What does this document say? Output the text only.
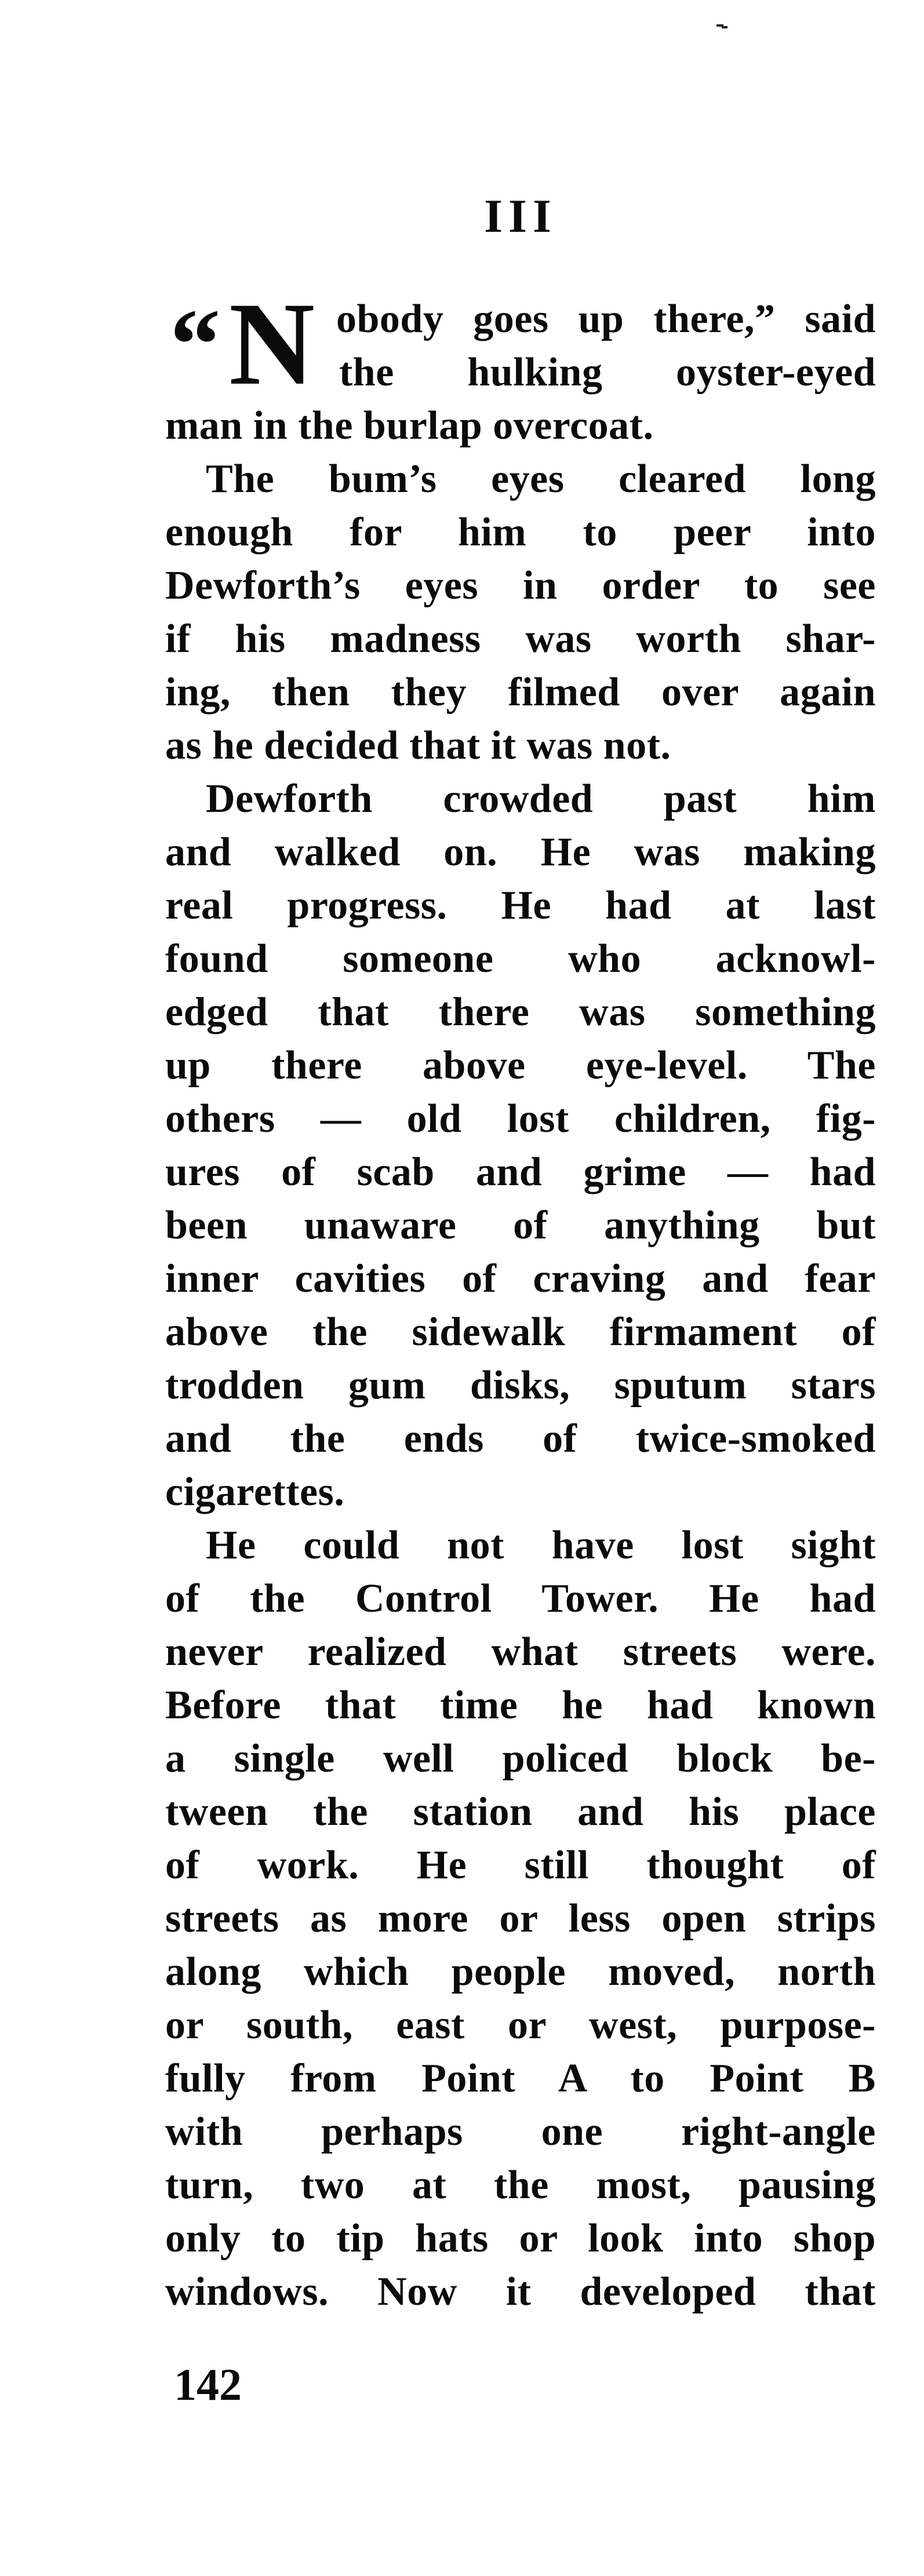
III
“ N obody goes up there,” said
the hulking oyster-eyed
man in the burlap overcoat.
The bum’s eyes cleared long
enough for him to peer into
Dewforth’s eyes in order to see
if his madness was worth shar-
ing, then they filmed over again
as he decided that it was not.
Dewforth crowded past him
and walked on. He was making
real progress. He had at last
found someone who acknowl-
edged that there was something
up there above eye-level. The
others — old lost children, fig-
ures of scab and grime — had
been unaware of anything but
inner cavities of craving and fear
above the sidewalk firmament of
trodden gum disks, sputum stars
and the ends of twice-smoked
cigarettes.
He could not have lost sight
of the Control Tower. He had
never realized what streets were.
Before that time he had known
a single well policed block be-
tween the station and his place
of work. He still thought of
streets as more or less open strips
along which people moved, north
or south, east or west, purpose-
fully from Point A to Point B
with perhaps one right-angle
turn, two at the most, pausing
only to tip hats or look into shop
windows. Now it developed that
142
